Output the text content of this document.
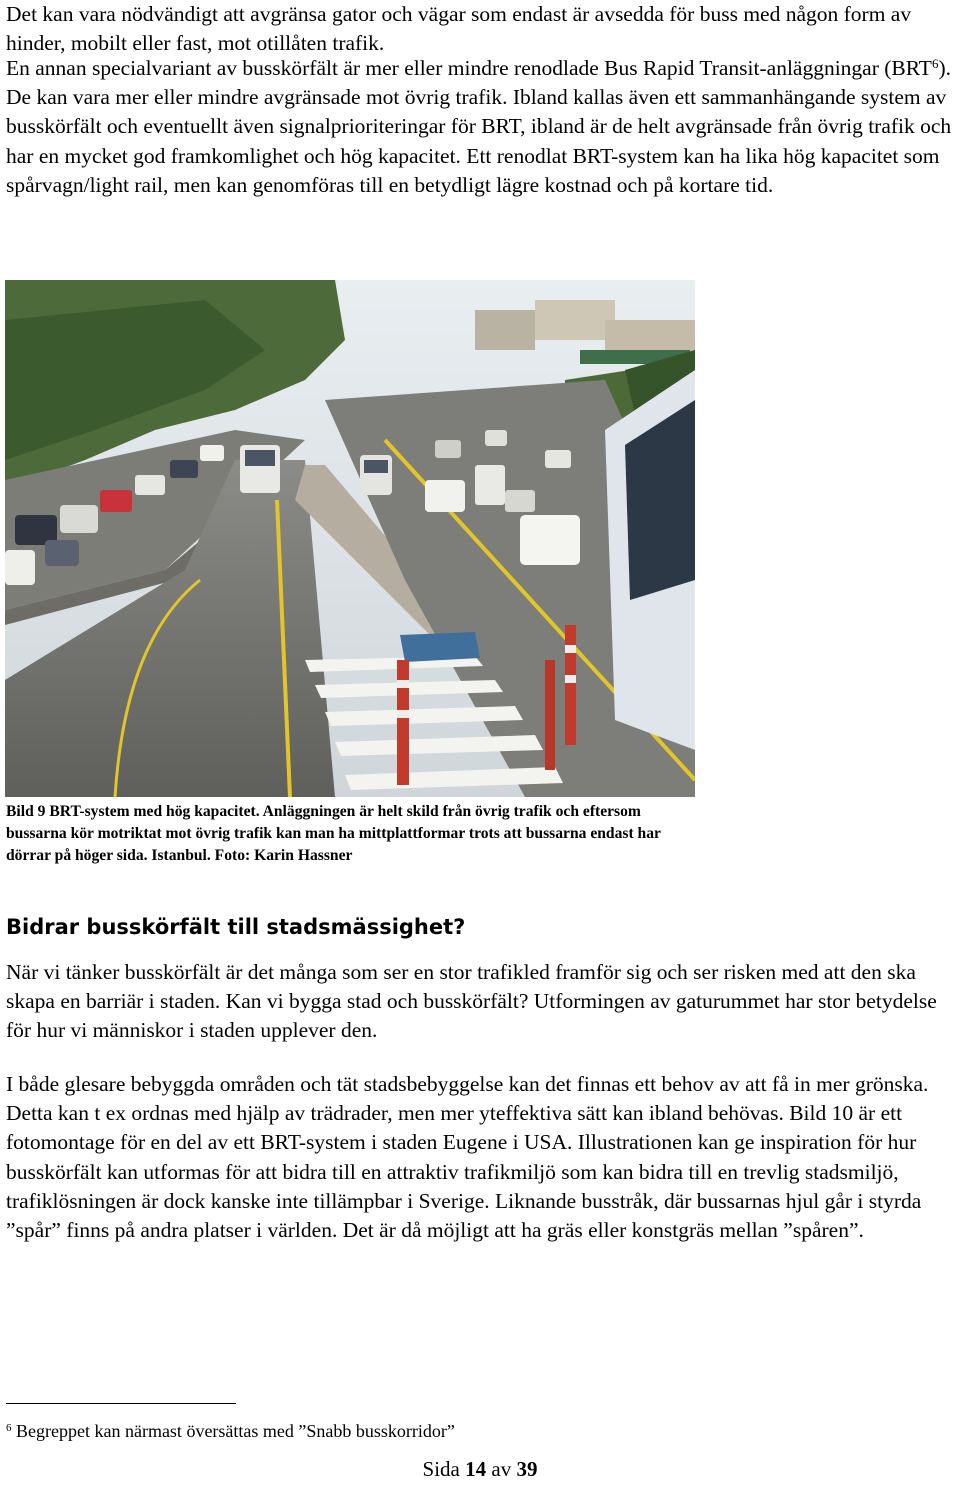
Det kan vara nödvändigt att avgränsa gator och vägar som endast är avsedda för buss med någon form av hinder, mobilt eller fast, mot otillåten trafik.

En annan specialvariant av busskörfält är mer eller mindre renodlade Bus Rapid Transit-anläggningar (BRT$^6$). De kan vara mer eller mindre avgränsade mot övrig trafik. Ibland kallas även ett sammanhängande system av busskörfält och eventuellt även signalprioriteringar för BRT, ibland är de helt avgränsade från övrig trafik och har en mycket god framkomlighet och hög kapacitet. Ett renodlat BRT-system kan ha lika hög kapacitet som spårvagn/light rail, men kan genomföras till en betydligt lägre kostnad och på kortare tid.

Bild 9 BRT-system med hög kapacitet. Anläggningen är helt skild från övrig trafik och eftersom bussarna kör motriktat mot övrig trafik kan man ha mittplattformar trots att bussarna endast har dörrar på höger sida. Istanbul. Foto: Karin Hassner

Bidrar busskörfält till stadsmässighet?

När vi tänker busskörfält är det många som ser en stor trafikled framför sig och ser risken med att den ska skapa en barriär i staden. Kan vi bygga stad och busskörfält? Utformingen av gaturummet har stor betydelse för hur vi människor i staden upplever den.

I både glesare bebyggda områden och tät stadsbebyggelse kan det finnas ett behov av att få in mer grönska. Detta kan t ex ordnas med hjälp av trädrader, men mer yteffektiva sätt kan ibland behövas. Bild 10 är ett fotomontage för en del av ett BRT-system i staden Eugene i USA. Illustrationen kan ge inspiration för hur busskörfält kan utformas för att bidra till en attraktiv trafikmiljö som kan bidra till en trevlig stadsmiljö, trafiklösningen är dock kanske inte tillämpbar i Sverige. Liknande busstråk, där bussarnas hjul går i styrda ”spår” finns på andra platser i världen. Det är då möjligt att ha gräs eller konstgräs mellan ”spåren”.

$^6$ Begreppet kan närmast översättas med ”Snabb busskorridor”

Sida 14 av 39
